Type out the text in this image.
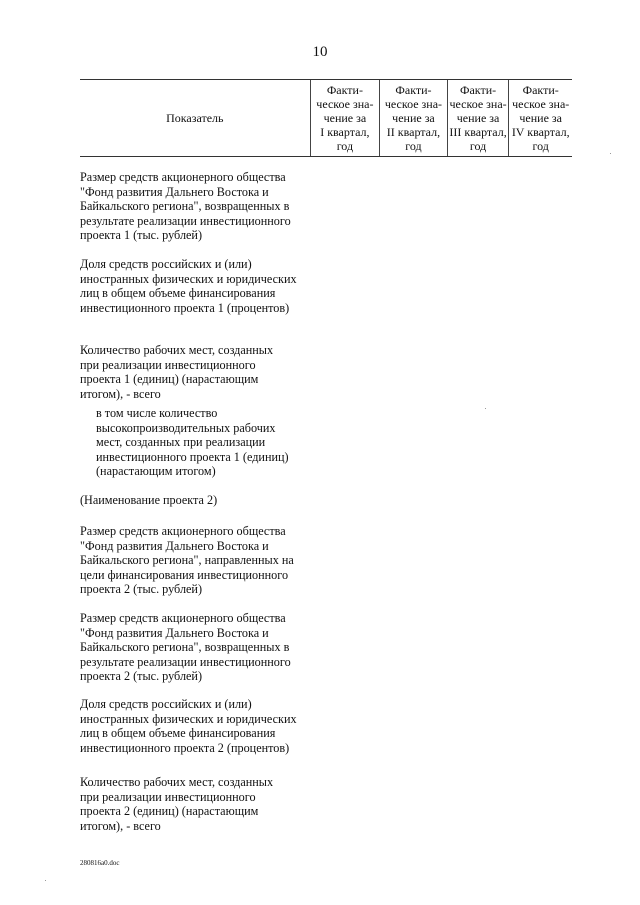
10
Показатель
Факти-
ческое зна-
чение за
I квартал,
год
Факти-
ческое зна-
чение за
II квартал,
год
Факти-
ческое зна-
чение за
III квартал,
год
Факти-
ческое зна-
чение за
IV квартал,
год
Размер средств акционерного общества
"Фонд развития Дальнего Востока и
Байкальского региона", возвращенных в
результате реализации инвестиционного
проекта 1 (тыс. рублей)
Доля средств российских и (или)
иностранных физических и юридических
лиц в общем объеме финансирования
инвестиционного проекта 1 (процентов)
Количество рабочих мест, созданных
при реализации инвестиционного
проекта 1 (единиц) (нарастающим
итогом), - всего
в том числе количество
высокопроизводительных рабочих
мест, созданных при реализации
инвестиционного проекта 1 (единиц)
(нарастающим итогом)
(Наименование проекта 2)
Размер средств акционерного общества
"Фонд развития Дальнего Востока и
Байкальского региона", направленных на
цели финансирования инвестиционного
проекта 2 (тыс. рублей)
Размер средств акционерного общества
"Фонд развития Дальнего Востока и
Байкальского региона", возвращенных в
результате реализации инвестиционного
проекта 2 (тыс. рублей)
Доля средств российских и (или)
иностранных физических и юридических
лиц в общем объеме финансирования
инвестиционного проекта 2 (процентов)
Количество рабочих мест, созданных
при реализации инвестиционного
проекта 2 (единиц) (нарастающим
итогом), - всего
280816a0.doc
